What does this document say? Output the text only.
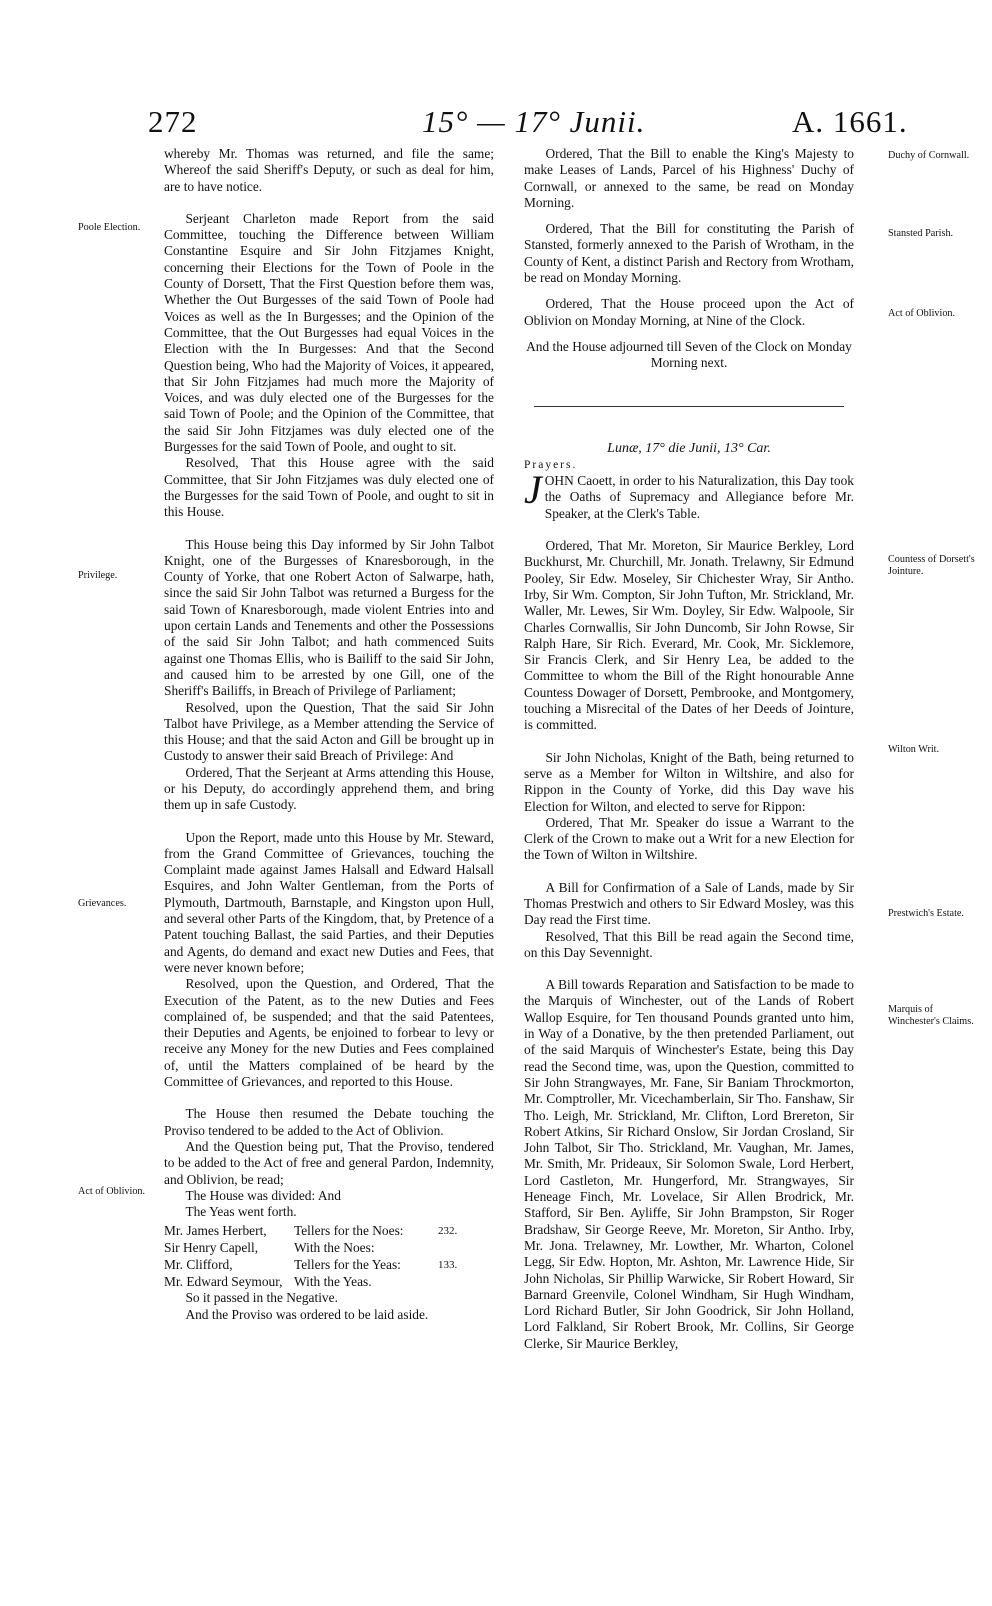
272	15° — 17° Junii.	A. 1661.
Poole Election.
Privilege.
Grievances.
Act of Oblivion.
Duchy of Cornwall.
Stansted Parish.
Act of Oblivion.
Countess of Dorsett's Jointure.
Wilton Writ.
Prestwich's Estate.
Marquis of Winchester's Claims.

whereby Mr. Thomas was returned, and file the same; Whereof the said Sheriff's Deputy, or such as deal for him, are to have notice.

Serjeant Charleton made Report from the said Committee, touching the Difference between William Constantine Esquire and Sir John Fitzjames Knight, concerning their Elections for the Town of Poole in the County of Dorsett, That the First Question before them was, Whether the Out Burgesses of the said Town of Poole had Voices as well as the In Burgesses; and the Opinion of the Committee, that the Out Burgesses had equal Voices in the Election with the In Burgesses: And that the Second Question being, Who had the Majority of Voices, it appeared, that Sir John Fitzjames had much more the Majority of Voices, and was duly elected one of the Burgesses for the said Town of Poole; and the Opinion of the Committee, that the said Sir John Fitzjames was duly elected one of the Burgesses for the said Town of Poole, and ought to sit.

Resolved, That this House agree with the said Committee, that Sir John Fitzjames was duly elected one of the Burgesses for the said Town of Poole, and ought to sit in this House.

This House being this Day informed by Sir John Talbot Knight, one of the Burgesses of Knaresborough, in the County of Yorke, that one Robert Acton of Salwarpe, hath, since the said Sir John Talbot was returned a Burgess for the said Town of Knaresborough, made violent Entries into and upon certain Lands and Tenements and other the Possessions of the said Sir John Talbot; and hath commenced Suits against one Thomas Ellis, who is Bailiff to the said Sir John, and caused him to be arrested by one Gill, one of the Sheriff's Bailiffs, in Breach of Privilege of Parliament;

Resolved, upon the Question, That the said Sir John Talbot have Privilege, as a Member attending the Service of this House; and that the said Acton and Gill be brought up in Custody to answer their said Breach of Privilege: And

Ordered, That the Serjeant at Arms attending this House, or his Deputy, do accordingly apprehend them, and bring them up in safe Custody.

Upon the Report, made unto this House by Mr. Steward, from the Grand Committee of Grievances, touching the Complaint made against James Halsall and Edward Halsall Esquires, and John Walter Gentleman, from the Ports of Plymouth, Dartmouth, Barnstaple, and Kingston upon Hull, and several other Parts of the Kingdom, that, by Pretence of a Patent touching Ballast, the said Parties, and their Deputies and Agents, do demand and exact new Duties and Fees, that were never known before;

Resolved, upon the Question, and Ordered, That the Execution of the Patent, as to the new Duties and Fees complained of, be suspended; and that the said Patentees, their Deputies and Agents, be enjoined to forbear to levy or receive any Money for the new Duties and Fees complained of, until the Matters complained of be heard by the Committee of Grievances, and reported to this House.

The House then resumed the Debate touching the Proviso tendered to be added to the Act of Oblivion.

And the Question being put, That the Proviso, tendered to be added to the Act of free and general Pardon, Indemnity, and Oblivion, be read;

The House was divided: And

The Yeas went forth.

Mr. James Herbert,	Tellers for the Noes:	232.
Sir Henry Capell,	With the Noes:
Mr. Clifford,	Tellers for the Yeas:	133.
Mr. Edward Seymour, With the Yeas.

So it passed in the Negative.

And the Proviso was ordered to be laid aside.

Ordered, That the Bill to enable the King's Majesty to make Leases of Lands, Parcel of his Highness' Duchy of Cornwall, or annexed to the same, be read on Monday Morning.

Ordered, That the Bill for constituting the Parish of Stansted, formerly annexed to the Parish of Wrotham, in the County of Kent, a distinct Parish and Rectory from Wrotham, be read on Monday Morning.

Ordered, That the House proceed upon the Act of Oblivion on Monday Morning, at Nine of the Clock.

And the House adjourned till Seven of the Clock on Monday Morning next.

Lunæ, 17° die Junii, 13° Car.

Prayers.

JOHN Caoett, in order to his Naturalization, this Day took the Oaths of Supremacy and Allegiance before Mr. Speaker, at the Clerk's Table.

Ordered, That Mr. Moreton, Sir Maurice Berkley, Lord Buckhurst, Mr. Churchill, Mr. Jonath. Trelawny, Sir Edmund Pooley, Sir Edw. Moseley, Sir Chichester Wray, Sir Antho. Irby, Sir Wm. Compton, Sir John Tufton, Mr. Strickland, Mr. Waller, Mr. Lewes, Sir Wm. Doyley, Sir Edw. Walpoole, Sir Charles Cornwallis, Sir John Duncomb, Sir John Rowse, Sir Ralph Hare, Sir Rich. Everard, Mr. Cook, Mr. Sicklemore, Sir Francis Clerk, and Sir Henry Lea, be added to the Committee to whom the Bill of the Right honourable Anne Countess Dowager of Dorsett, Pembrooke, and Montgomery, touching a Misrecital of the Dates of her Deeds of Jointure, is committed.

Sir John Nicholas, Knight of the Bath, being returned to serve as a Member for Wilton in Wiltshire, and also for Rippon in the County of Yorke, did this Day wave his Election for Wilton, and elected to serve for Rippon:

Ordered, That Mr. Speaker do issue a Warrant to the Clerk of the Crown to make out a Writ for a new Election for the Town of Wilton in Wiltshire.

A Bill for Confirmation of a Sale of Lands, made by Sir Thomas Prestwich and others to Sir Edward Mosley, was this Day read the First time.

Resolved, That this Bill be read again the Second time, on this Day Sevennight.

A Bill towards Reparation and Satisfaction to be made to the Marquis of Winchester, out of the Lands of Robert Wallop Esquire, for Ten thousand Pounds granted unto him, in Way of a Donative, by the then pretended Parliament, out of the said Marquis of Winchester's Estate, being this Day read the Second time, was, upon the Question, committed to Sir John Strangwayes, Mr. Fane, Sir Baniam Throckmorton, Mr. Comptroller, Mr. Vicechamberlain, Sir Tho. Fanshaw, Sir Tho. Leigh, Mr. Strickland, Mr. Clifton, Lord Brereton, Sir Robert Atkins, Sir Richard Onslow, Sir Jordan Crosland, Sir John Talbot, Sir Tho. Strickland, Mr. Vaughan, Mr. James, Mr. Smith, Mr. Prideaux, Sir Solomon Swale, Lord Herbert, Lord Castleton, Mr. Hungerford, Mr. Strangwayes, Sir Heneage Finch, Mr. Lovelace, Sir Allen Brodrick, Mr. Stafford, Sir Ben. Ayliffe, Sir John Brampston, Sir Roger Bradshaw, Sir George Reeve, Mr. Moreton, Sir Antho. Irby, Mr. Jona. Trelawney, Mr. Lowther, Mr. Wharton, Colonel Legg, Sir Edw. Hopton, Mr. Ashton, Mr. Lawrence Hide, Sir John Nicholas, Sir Phillip Warwicke, Sir Robert Howard, Sir Barnard Greenvile, Colonel Windham, Sir Hugh Windham, Lord Richard Butler, Sir John Goodrick, Sir John Holland, Lord Falkland, Sir Robert Brook, Mr. Collins, Sir George Clerke, Sir Maurice Berkley,
